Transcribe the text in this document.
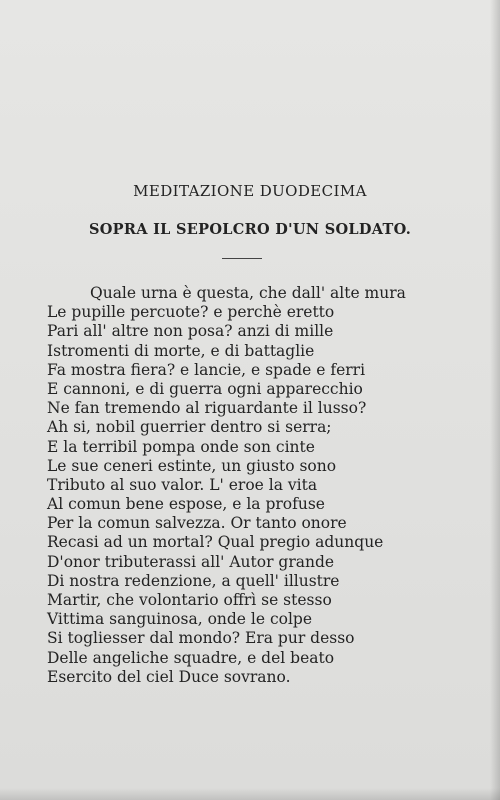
MEDITAZIONE DUODECIMA
SOPRA IL SEPOLCRO D'UN SOLDATO.
Quale urna è questa, che dall' alte mura
Le pupille percuote? e perchè eretto
Pari all' altre non posa? anzi di mille
Istromenti di morte, e di battaglie
Fa mostra fiera? e lancie, e spade e ferri
E cannoni, e di guerra ogni apparecchio
Ne fan tremendo al riguardante il lusso?
Ah si, nobil guerrier dentro si serra;
E la terribil pompa onde son cinte
Le sue ceneri estinte, un giusto sono
Tributo al suo valor. L' eroe la vita
Al comun bene espose, e la profuse
Per la comun salvezza. Or tanto onore
Recasi ad un mortal? Qual pregio adunque
D'onor tributerassi all' Autor grande
Di nostra redenzione, a quell' illustre
Martir, che volontario offrì se stesso
Vittima sanguinosa, onde le colpe
Si togliesser dal mondo? Era pur desso
Delle angeliche squadre, e del beato
Esercito del ciel Duce sovrano.
